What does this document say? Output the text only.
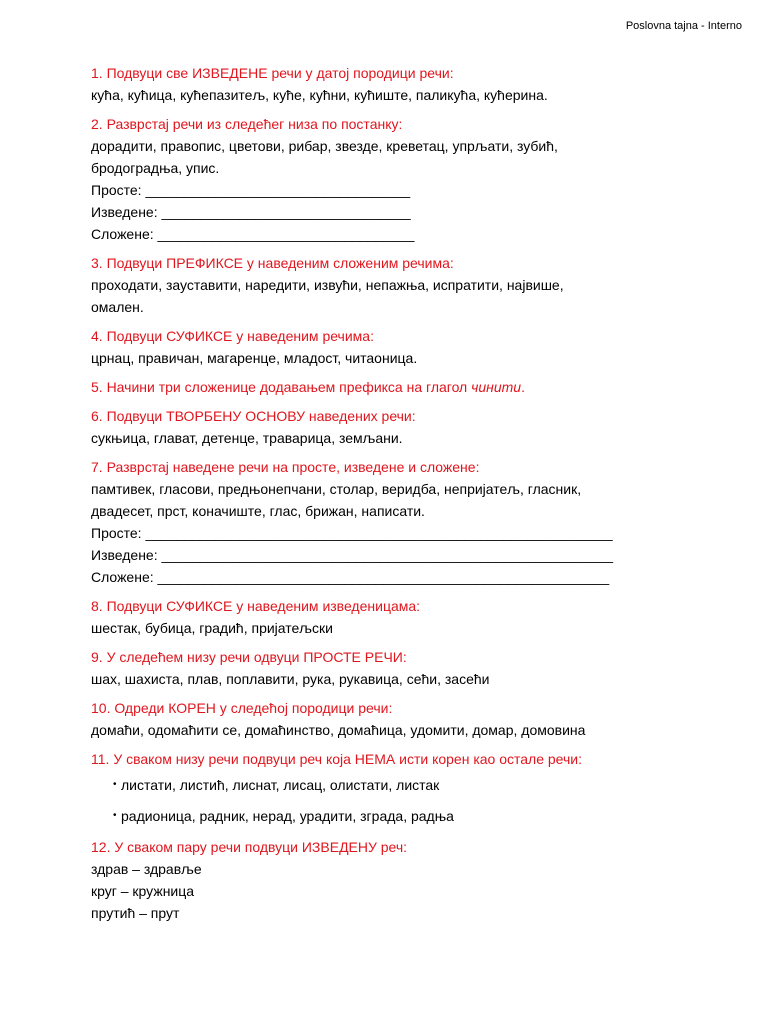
Poslovna tajna - Interno
1. Подвуци све ИЗВЕДЕНЕ речи у датој породици речи:
кућа, кућица, кућепазитељ, куће, кућни, кућиште, паликућа, кућерина.
2. Разврстај речи из следећег низа по постанку:
дорадити, правопис, цветови, рибар, звезде, креветац, упрљати, зубић,
бродоградња, упис.
Просте: __________________________________
Изведене: ________________________________
Сложене: _________________________________
3. Подвуци ПРЕФИКСЕ у наведеним сложеним речима:
проходати, зауставити, наредити, извући, непажња, испратити, највише,
омален.
4. Подвуци СУФИКСЕ у наведеним речима:
црнац, правичан, магаренце, младост, читаоница.
5. Начини три сложенице додавањем префикса на глагол чинити.
6. Подвуци ТВОРБЕНУ ОСНОВУ наведених речи:
сукњица, глават, детенце, траварица, земљани.
7. Разврстај наведене речи на просте, изведене и сложене:
памтивек, гласови, предњонепчани, столар, веридба, непријатељ, гласник,
двадесет, прст, коначиште, глас, брижан, написати.
Просте: ____________________________________________________________
Изведене: __________________________________________________________
Сложене: __________________________________________________________
8. Подвуци СУФИКСЕ у наведеним изведеницама:
шестак, бубица, градић, пријатељски
9. У следећем низу речи одвуци ПРОСТЕ РЕЧИ:
шах, шахиста, плав, поплавити, рука, рукавица, сећи, засећи
10. Одреди КОРЕН у следећој породици речи:
домаћи, одомаћити се, домаћинство, домаћица, удомити, домар, домовина
11. У сваком низу речи подвуци реч која НЕМА исти корен као остале речи:
• листати, листић, лиснат, лисац, олистати, листак
• радионица, радник, нерад, урадити, зграда, радња
12. У сваком пару речи подвуци ИЗВЕДЕНУ реч:
здрав – здравље
круг – кружница
прутић – прут
